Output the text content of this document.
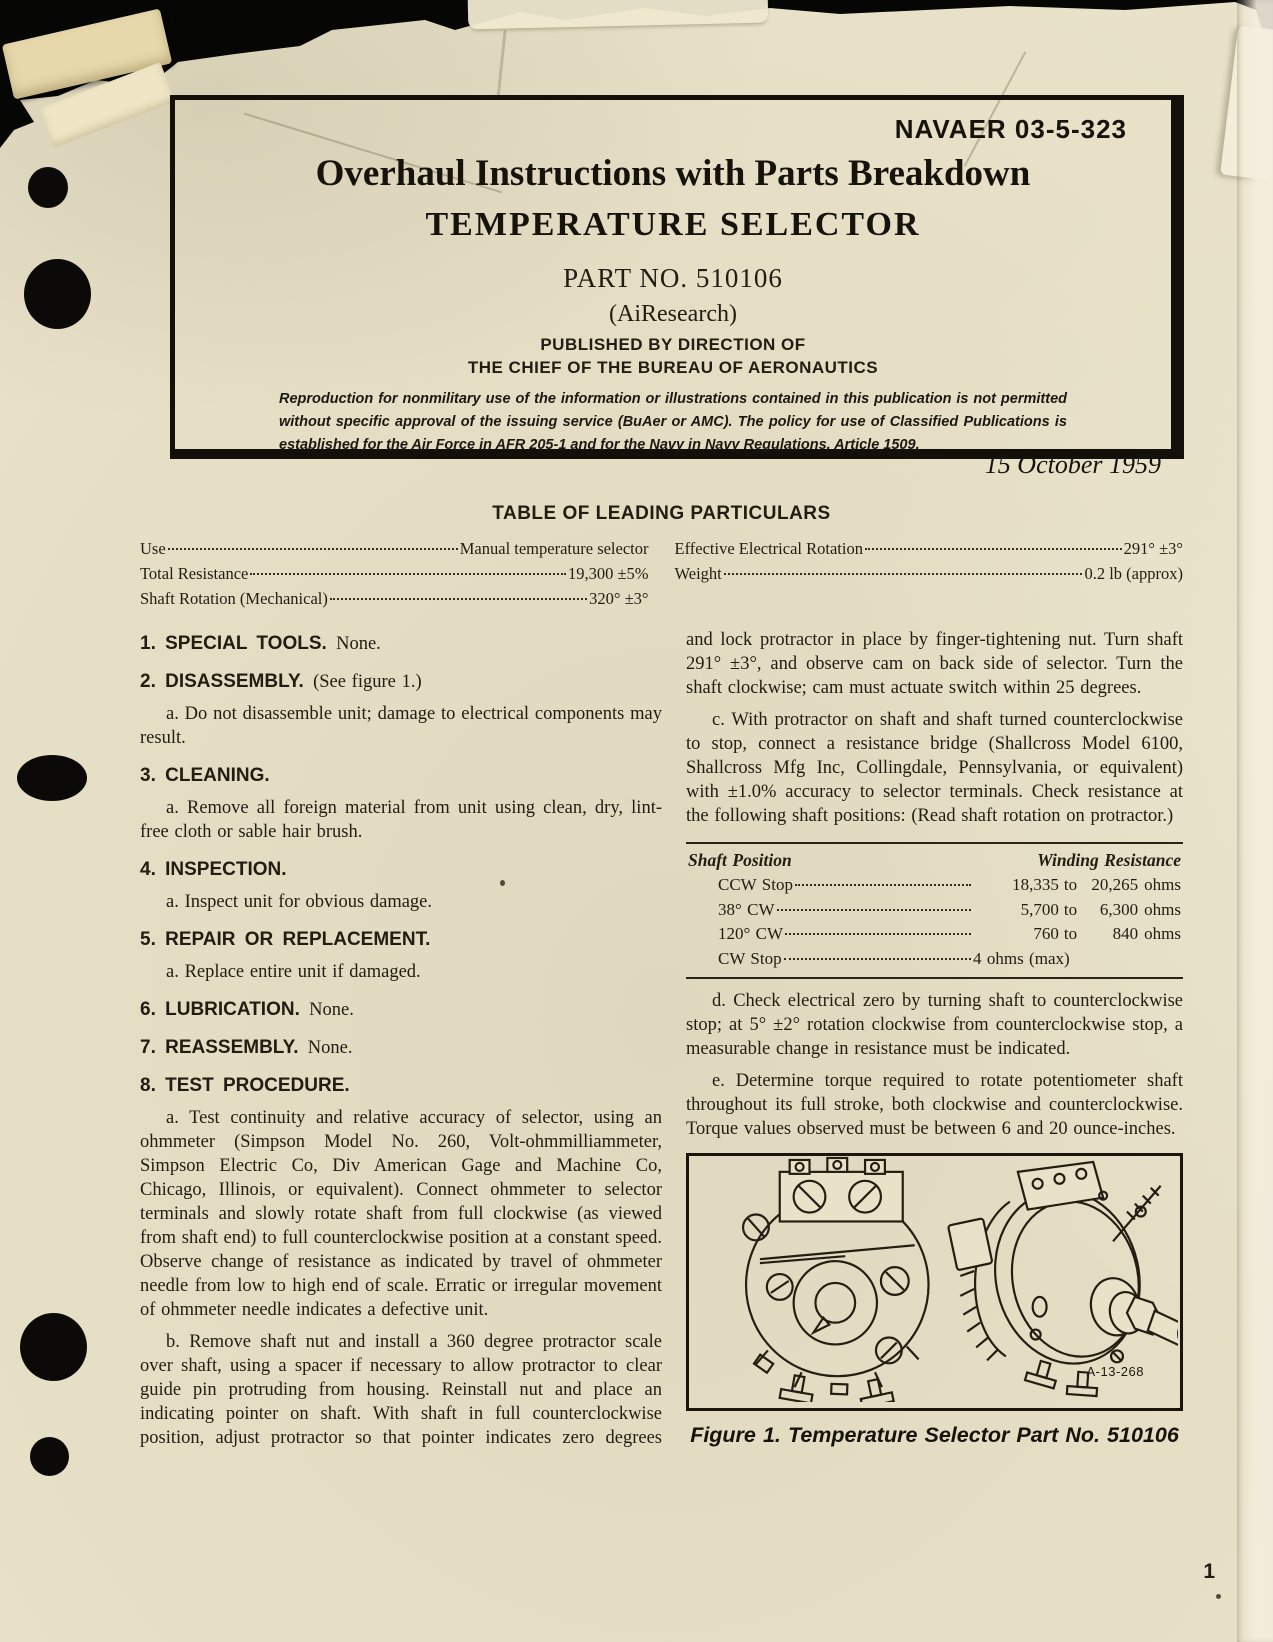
NAVAER 03-5-323
Overhaul Instructions with Parts Breakdown
TEMPERATURE SELECTOR
PART NO. 510106
(AiResearch)
PUBLISHED BY DIRECTION OF
THE CHIEF OF THE BUREAU OF AERONAUTICS
Reproduction for nonmilitary use of the information or illustrations contained in this publication is not permitted without specific approval of the issuing service (BuAer or AMC). The policy for use of Classified Publications is established for the Air Force in AFR 205-1 and for the Navy in Navy Regulations, Article 1509.
15 October 1959
TABLE OF LEADING PARTICULARS
Use	Manual temperature selector
Total Resistance	19,300 ±5%
Shaft Rotation (Mechanical)	320° ±3°
Effective Electrical Rotation	291° ±3°
Weight	0.2 lb (approx)
1. SPECIAL TOOLS. None.
2. DISASSEMBLY. (See figure 1.)

a. Do not disassemble unit; damage to electrical components may result.

3. CLEANING.

a. Remove all foreign material from unit using clean, dry, lint-free cloth or sable hair brush.

4. INSPECTION.

a. Inspect unit for obvious damage.

5. REPAIR OR REPLACEMENT.

a. Replace entire unit if damaged.

6. LUBRICATION. None.
7. REASSEMBLY. None.
8. TEST PROCEDURE.

a. Test continuity and relative accuracy of selector, using an ohmmeter (Simpson Model No. 260, Volt-ohmmilliammeter, Simpson Electric Co, Div American Gage and Machine Co, Chicago, Illinois, or equivalent). Connect ohmmeter to selector terminals and slowly rotate shaft from full clockwise (as viewed from shaft end) to full counterclockwise position at a constant speed. Observe change of resistance as indicated by travel of ohmmeter needle from low to high end of scale. Erratic or irregular movement of ohmmeter needle indicates a defective unit.

b. Remove shaft nut and install a 360 degree protractor scale over shaft, using a spacer if necessary to allow protractor to clear guide pin protruding from housing. Reinstall nut and place an indicating pointer on shaft. With shaft in full counterclockwise position, adjust protractor so that pointer indicates zero degrees

and lock protractor in place by finger-tightening nut. Turn shaft 291° ±3°, and observe cam on back side of selector. Turn the shaft clockwise; cam must actuate switch within 25 degrees.

c. With protractor on shaft and shaft turned counterclockwise to stop, connect a resistance bridge (Shallcross Model 6100, Shallcross Mfg Inc, Collingdale, Pennsylvania, or equivalent) with ±1.0% accuracy to selector terminals. Check resistance at the following shaft positions: (Read shaft rotation on protractor.)

Shaft Position	Winding Resistance
CCW Stop	18,335 to 20,265 ohms
38° CW	5,700 to	6,300 ohms
120° CW	760 to	840 ohms
CW Stop	4 ohms (max)

d. Check electrical zero by turning shaft to counterclockwise stop; at 5° ±2° rotation clockwise from counterclockwise stop, a measurable change in resistance must be indicated.

e. Determine torque required to rotate potentiometer shaft throughout its full stroke, both clockwise and counterclockwise. Torque values observed must be between 6 and 20 ounce-inches.

A-13-268
Figure 1. Temperature Selector Part No. 510106
1
